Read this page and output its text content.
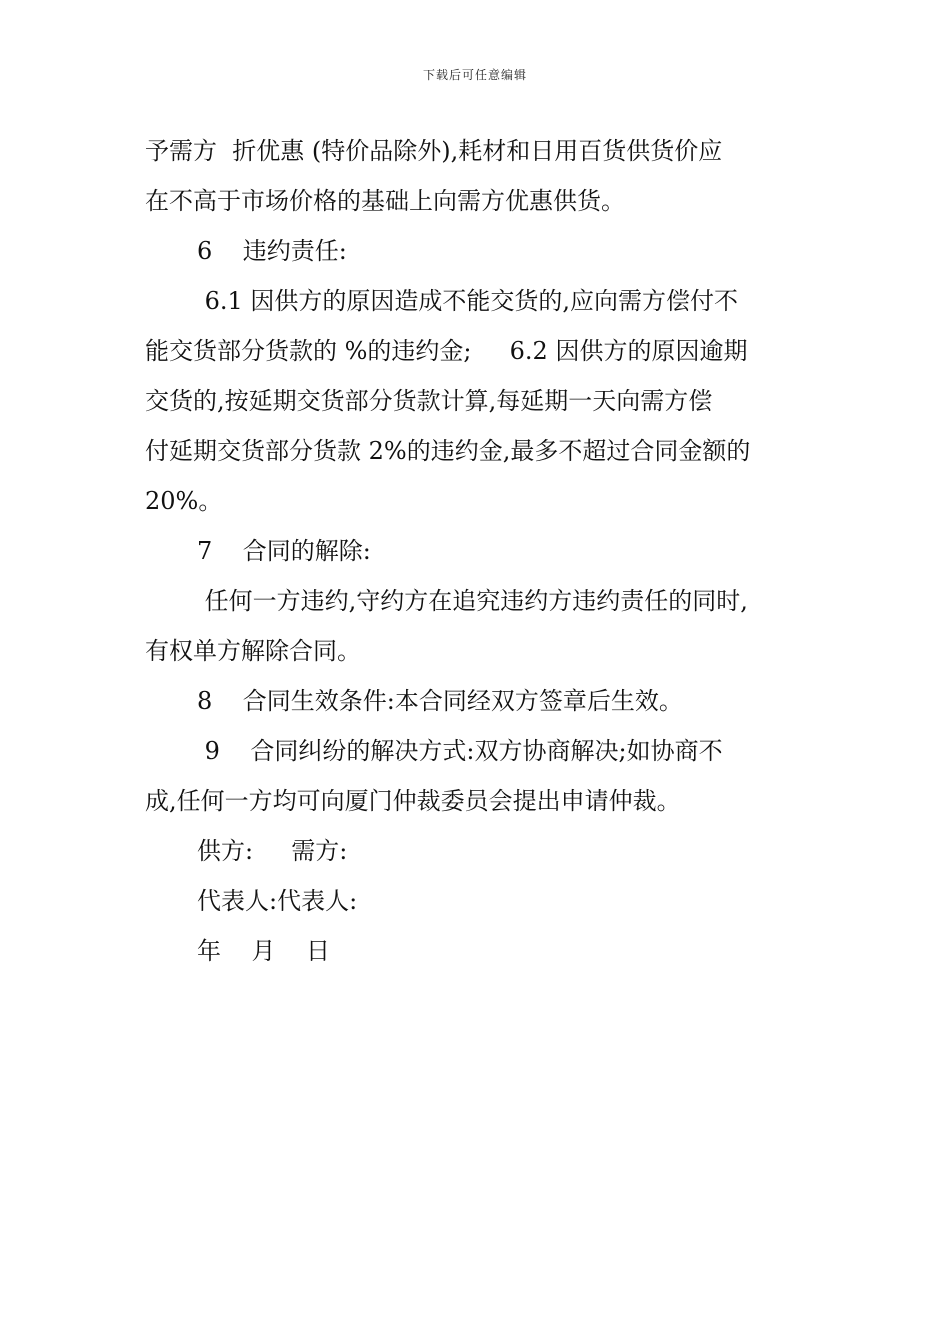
下载后可任意编辑
予需方  折优惠 (特价品除外),耗材和日用百货供货价应
在不高于市场价格的基础上向需方优惠供货。
6    违约责任:
6.1 因供方的原因造成不能交货的,应向需方偿付不
能交货部分货款的 %的违约金;     6.2 因供方的原因逾期
交货的,按延期交货部分货款计算,每延期一天向需方偿
付延期交货部分货款 2%的违约金,最多不超过合同金额的
20%。
7    合同的解除:
任何一方违约,守约方在追究违约方违约责任的同时,
有权单方解除合同。
8    合同生效条件:本合同经双方签章后生效。
9    合同纠纷的解决方式:双方协商解决;如协商不
成,任何一方均可向厦门仲裁委员会提出申请仲裁。
供方:     需方:
代表人:代表人:
年    月    日
